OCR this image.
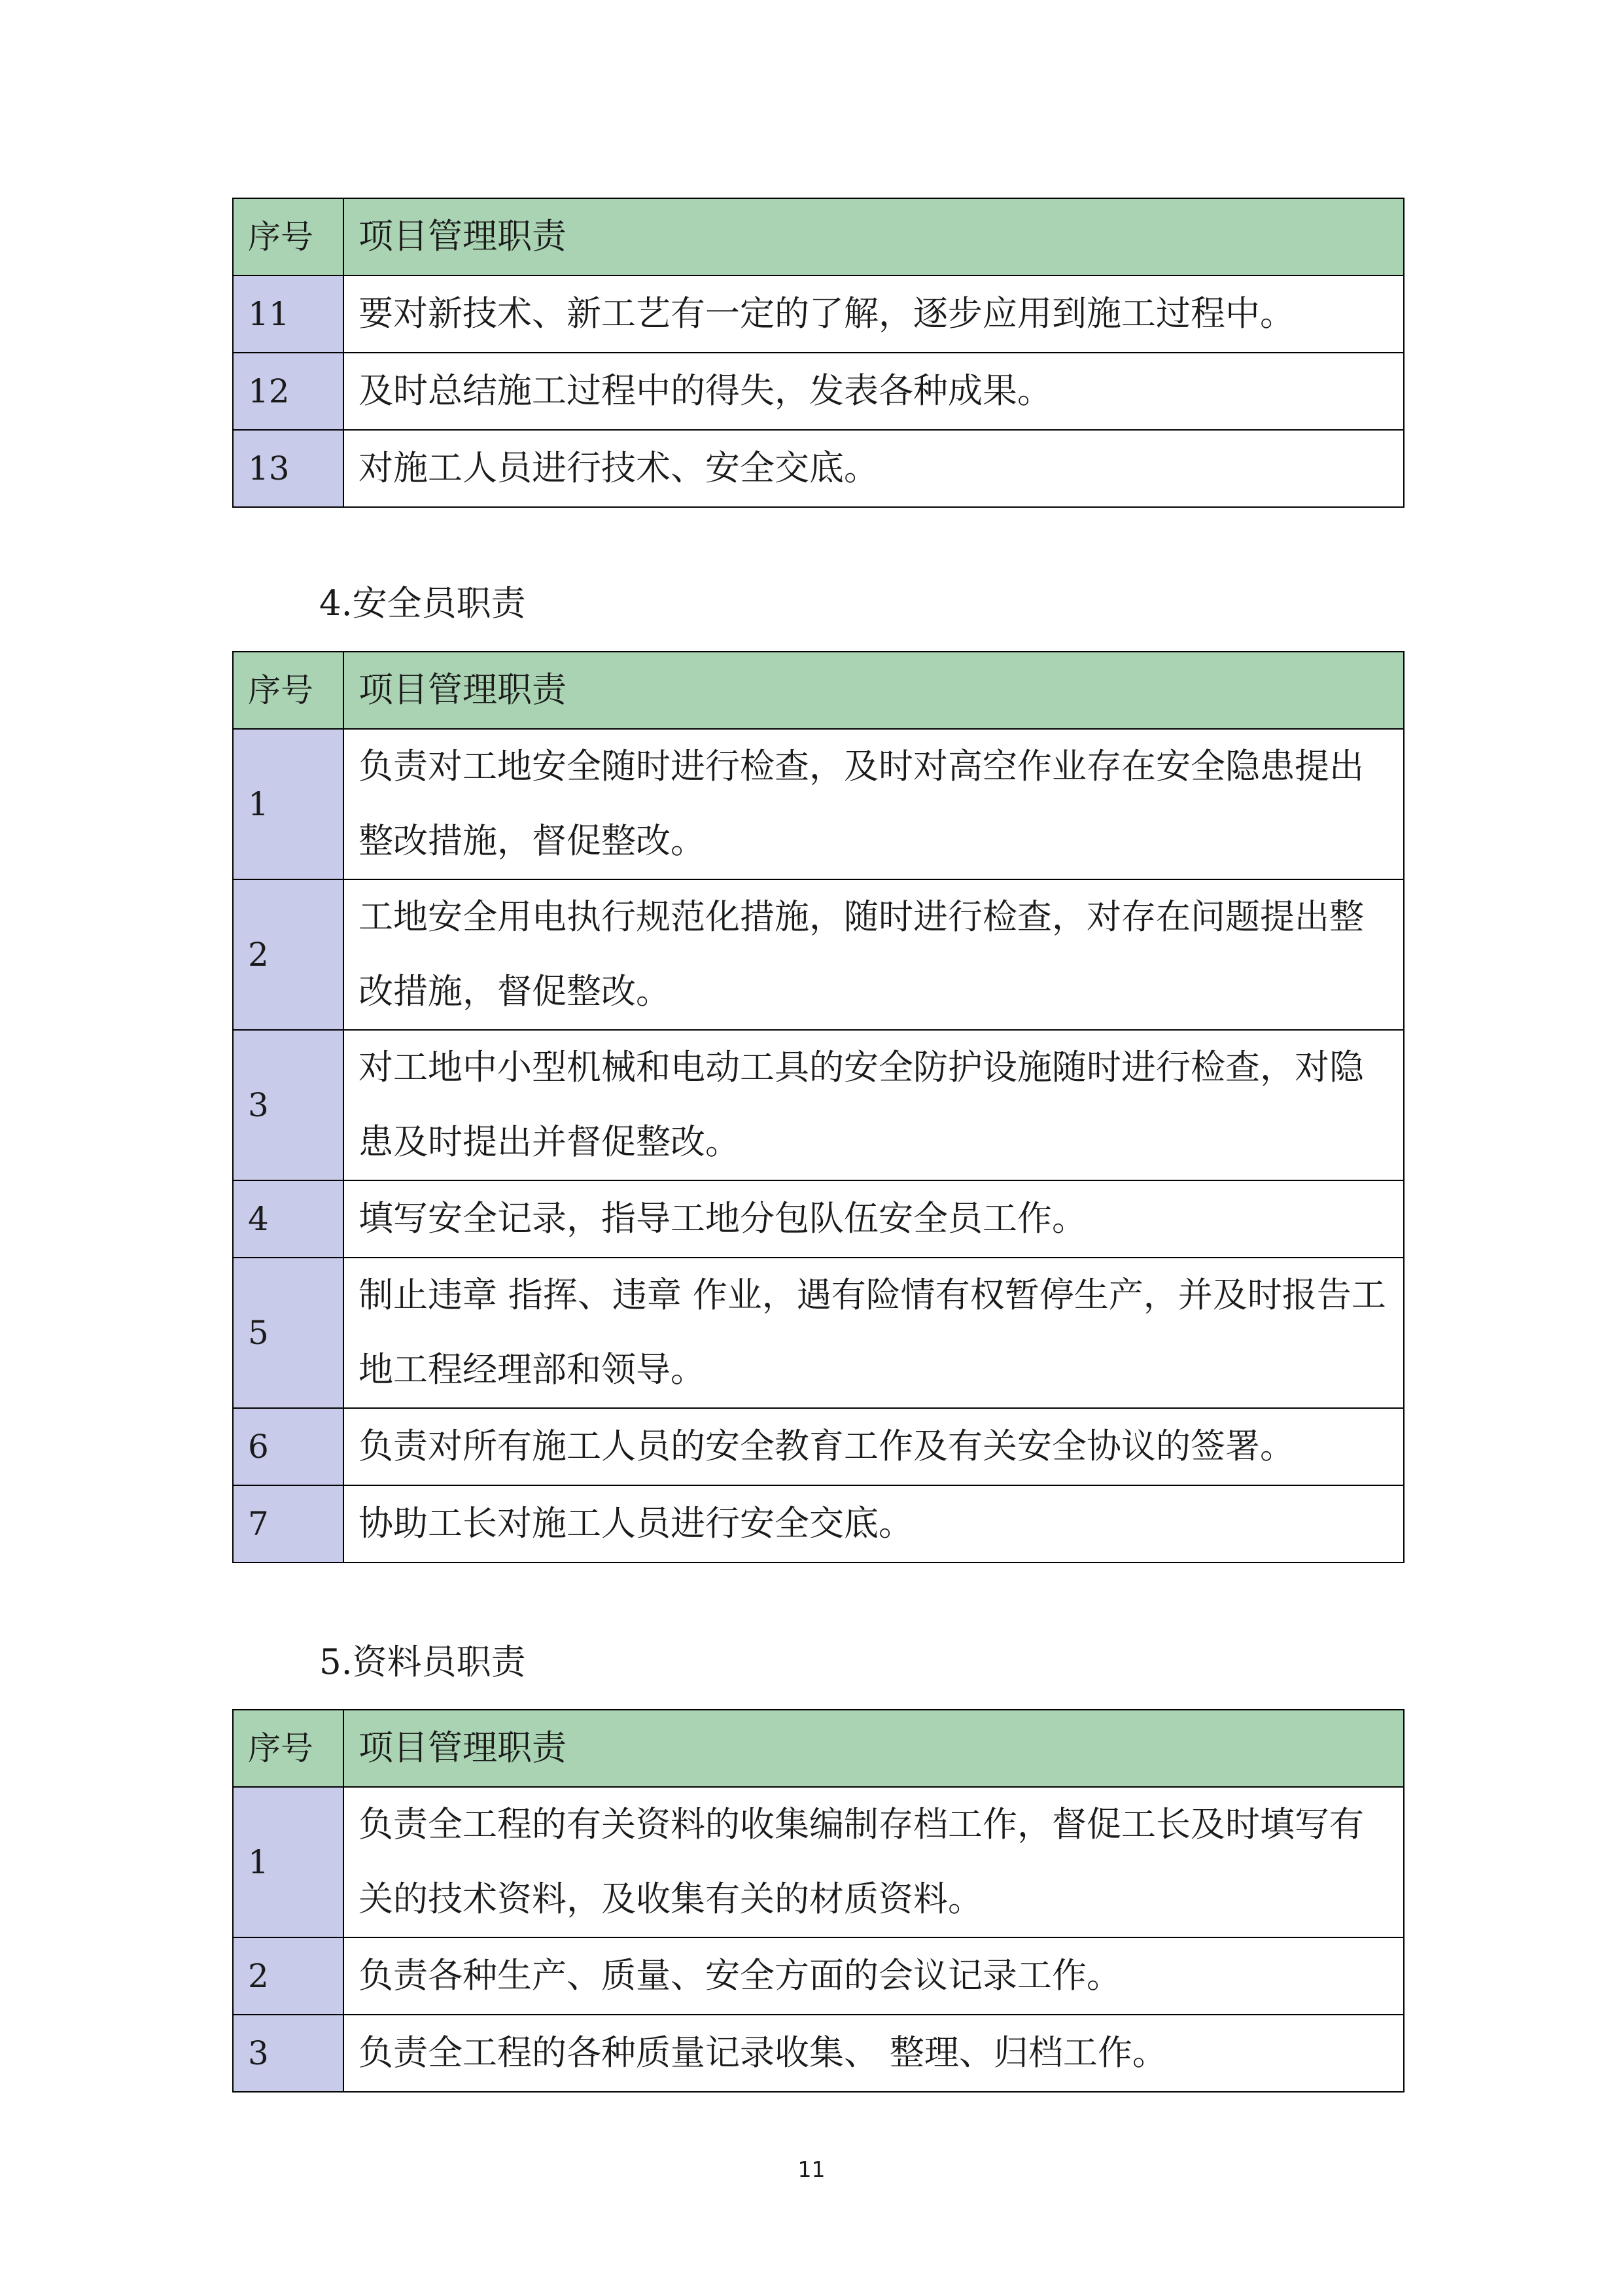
序号	项目管理职责
11	要对新技术、新工艺有一定的了解，逐步应用到施工过程中。
12	及时总结施工过程中的得失，发表各种成果。
13	对施工人员进行技术、安全交底。
4.安全员职责
序号	项目管理职责
1	负责对工地安全随时进行检查，及时对高空作业存在安全隐患提出整改措施，督促整改。
2	工地安全用电执行规范化措施，随时进行检查，对存在问题提出整改措施，督促整改。
3	对工地中小型机械和电动工具的安全防护设施随时进行检查，对隐患及时提出并督促整改。
4	填写安全记录，指导工地分包队伍安全员工作。
5	制止违章 指挥、违章 作业，遇有险情有权暂停生产，并及时报告工地工程经理部和领导。
6	负责对所有施工人员的安全教育工作及有关安全协议的签署。
7	协助工长对施工人员进行安全交底。
5.资料员职责
序号	项目管理职责
1	负责全工程的有关资料的收集编制存档工作，督促工长及时填写有关的技术资料，及收集有关的材质资料。
2	负责各种生产、质量、安全方面的会议记录工作。
3	负责全工程的各种质量记录收集、 整理、归档工作。
11
